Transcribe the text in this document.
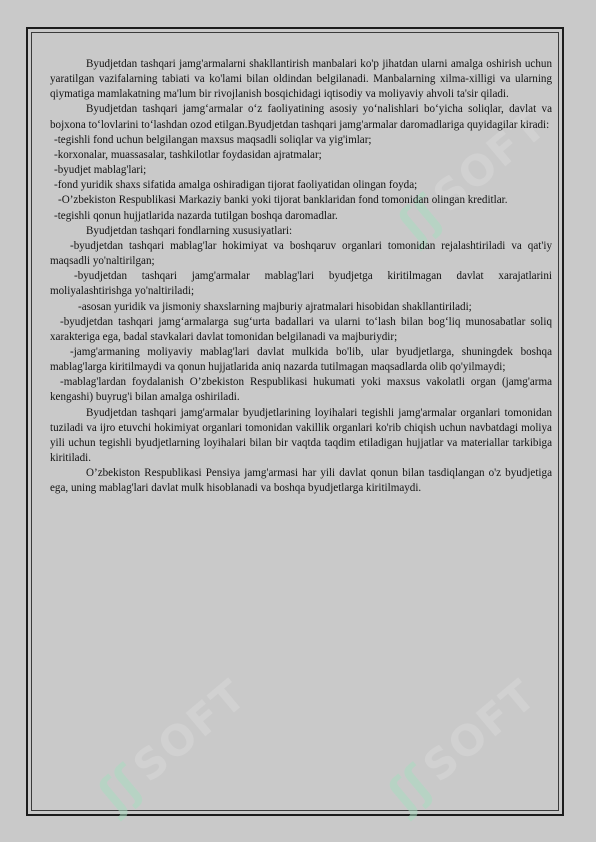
ʃʃ
SOFT
ʃʃ
SOFT	ʃʃ
SOFT

Byudjetdan tashqari jamg'armalarni shakllantirish manbalari ko'p jihatdan ularni amalga oshirish uchun yaratilgan vazifalarning tabiati va ko'lami bilan oldindan belgilanadi. Manbalarning xilma-xilligi va ularning qiymatiga mamlakatning ma'lum bir rivojlanish bosqichidagi iqtisodiy va moliyaviy ahvoli ta'sir qiladi.

Byudjetdan tashqari jamg‘armalar o‘z faoliyatining asosiy yo‘nalishlari bo‘yicha soliqlar, davlat va bojxona to‘lovlarini to‘lashdan ozod etilgan.Byudjetdan tashqari jamg'armalar daromadlariga quyidagilar kiradi:

-tegishli fond uchun belgilangan maxsus maqsadli soliqlar va yig'imlar;

-korxonalar, muassasalar, tashkilotlar foydasidan ajratmalar;

-byudjet mablag'lari;

-fond yuridik shaxs sifatida amalga oshiradigan tijorat faoliyatidan olingan foyda;

-O’zbekiston Respublikasi Markaziy banki yoki tijorat banklaridan fond tomonidan olingan kreditlar.

-tegishli qonun hujjatlarida nazarda tutilgan boshqa daromadlar.

Byudjetdan tashqari fondlarning xususiyatlari:

-byudjetdan tashqari mablag'lar hokimiyat va boshqaruv organlari tomonidan rejalashtiriladi va qat'iy maqsadli yo'naltirilgan;

-byudjetdan tashqari jamg'armalar mablag'lari byudjetga kiritilmagan davlat xarajatlarini moliyalashtirishga yo'naltiriladi;

-asosan yuridik va jismoniy shaxslarning majburiy ajratmalari hisobidan shakllantiriladi;

-byudjetdan tashqari jamg‘armalarga sug‘urta badallari va ularni to‘lash bilan bog‘liq munosabatlar soliq xarakteriga ega, badal stavkalari davlat tomonidan belgilanadi va majburiydir;

-jamg'armaning moliyaviy mablag'lari davlat mulkida bo'lib, ular byudjetlarga, shuningdek boshqa mablag'larga kiritilmaydi va qonun hujjatlarida aniq nazarda tutilmagan maqsadlarda olib qo'yilmaydi;

-mablag'lardan foydalanish O’zbekiston Respublikasi hukumati yoki maxsus vakolatli organ (jamg'arma kengashi) buyrug'i bilan amalga oshiriladi.

Byudjetdan tashqari jamg'armalar byudjetlarining loyihalari tegishli jamg'armalar organlari tomonidan tuziladi va ijro etuvchi hokimiyat organlari tomonidan vakillik organlari ko'rib chiqish uchun navbatdagi moliya yili uchun tegishli byudjetlarning loyihalari bilan bir vaqtda taqdim etiladigan hujjatlar va materiallar tarkibiga kiritiladi.

O’zbekiston Respublikasi Pensiya jamg'armasi har yili davlat qonun bilan tasdiqlangan o'z byudjetiga ega, uning mablag'lari davlat mulk hisoblanadi va boshqa byudjetlarga kiritilmaydi.
